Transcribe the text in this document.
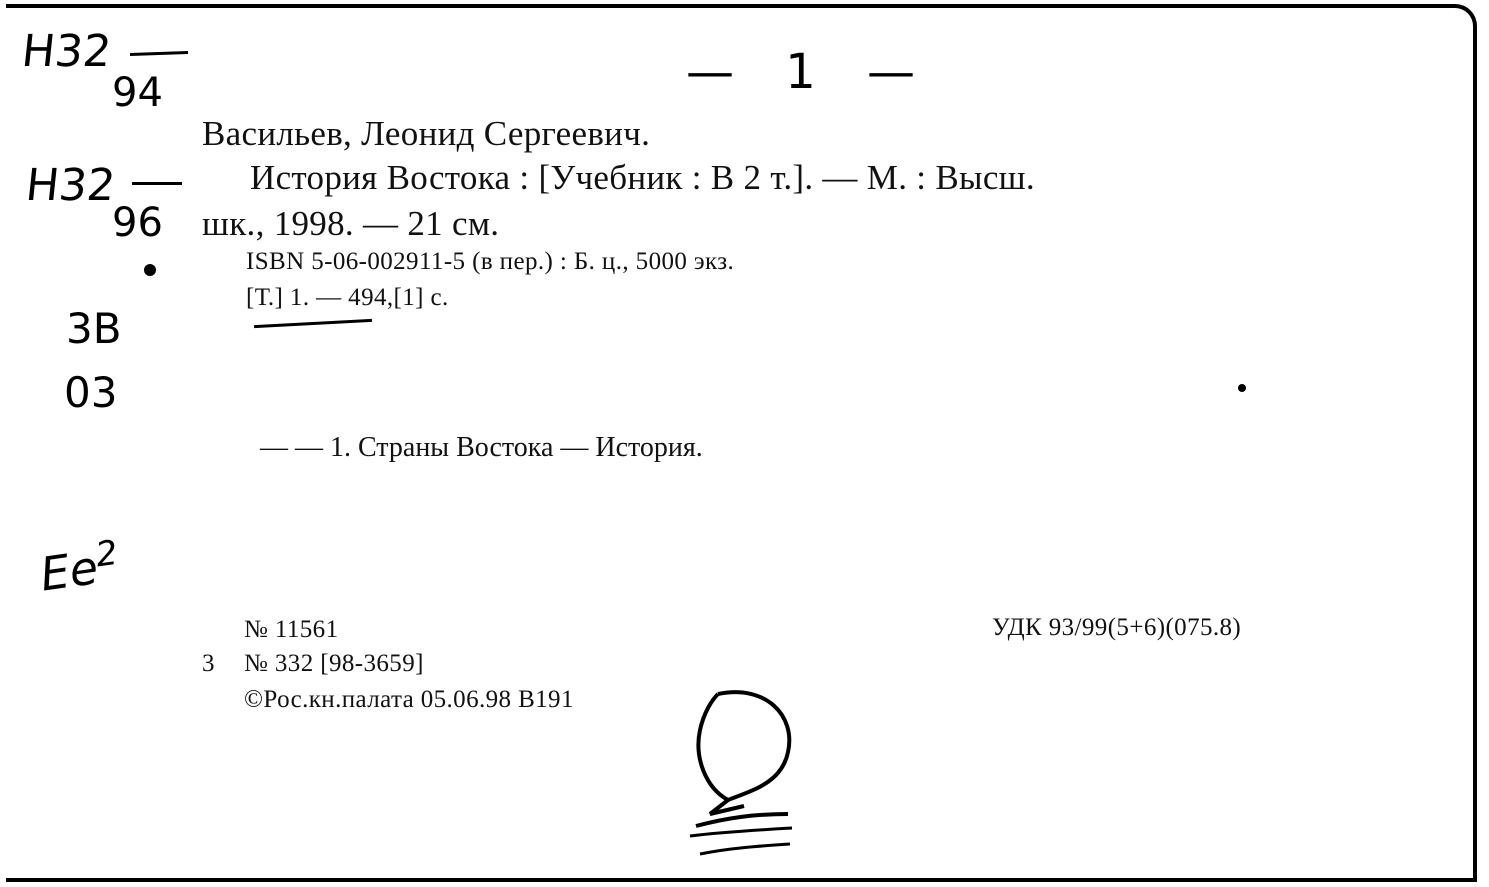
Н32
94
Н32
96
3В
03
$Ее^2$
— 1 —
Васильев, Леонид Сергеевич.
История Востока : [Учебник : В 2 т.]. — М. : Высш.
шк., 1998. — 21 см.
ISBN 5-06-002911-5 (в пер.) : Б. ц., 5000 экз.
[Т.] 1. — 494,[1] с.
— — 1. Страны Востока — История.
№ 11561
3 № 332 [98-3659]
©Рос.кн.палата 05.06.98 В191
УДК 93/99(5+6)(075.8)
